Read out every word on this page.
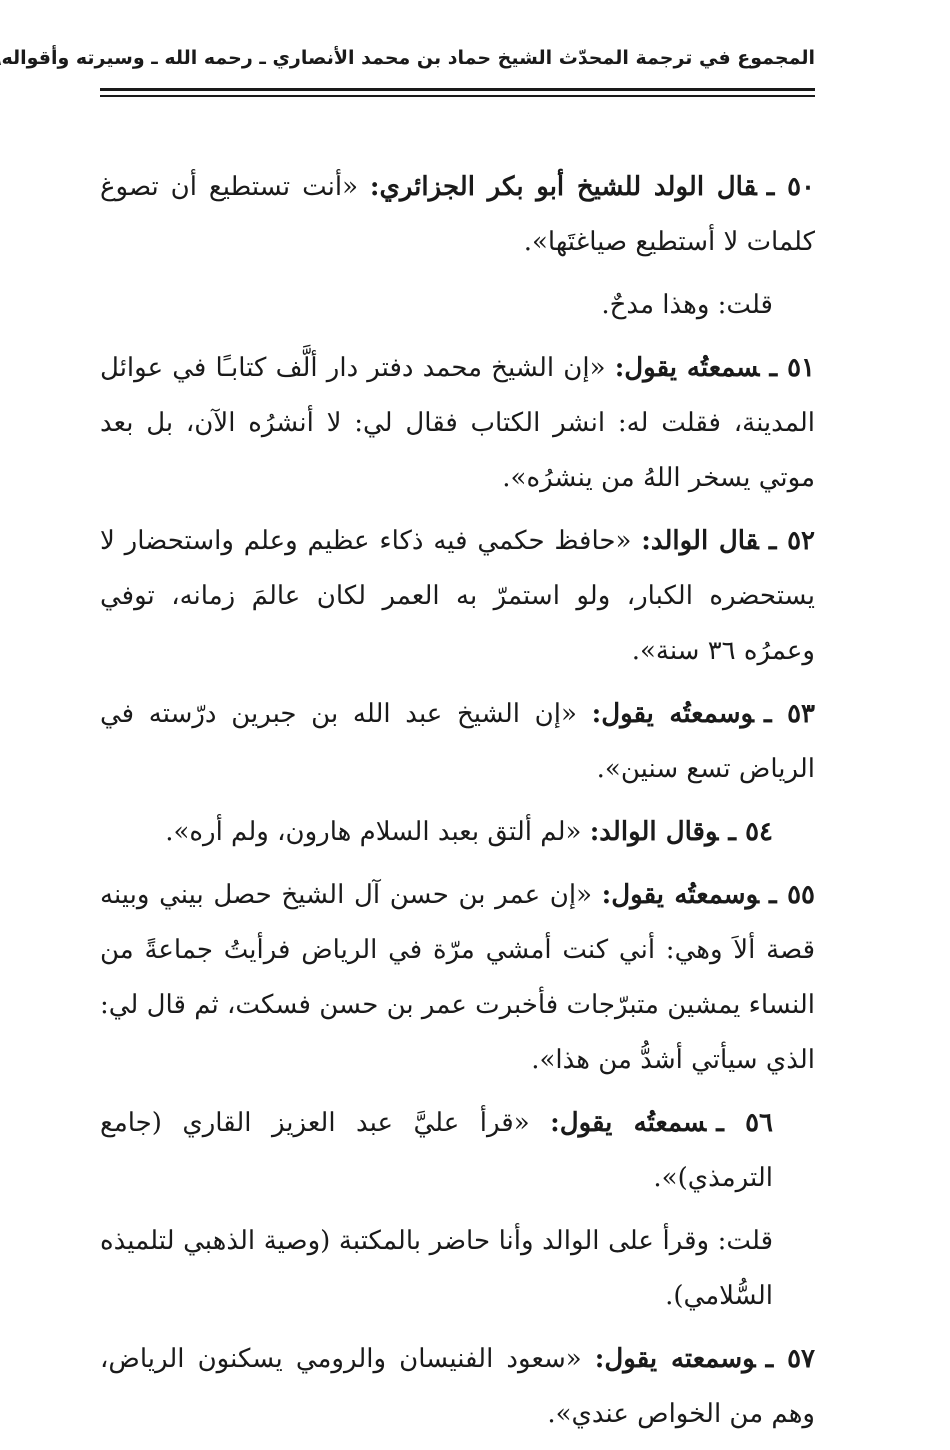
المجموع في ترجمة المحدّث الشيخ حماد بن محمد الأنصاري ـ رحمه الله ـ وسيرته وأقواله

٥٠ ـقال الولد للشيخ أبو بكر الجزائري: «أنت تستطيع أن تصوغ كلمات لا أستطيع صياغتَها».

قلت: وهذا مدحٌ.

٥١ ـسمعتُه يقول: «إن الشيخ محمد دفتر دار ألَّف كتابـًا في عوائل المدينة، فقلت له: انشر الكتاب فقال لي: لا أنشرُه الآن، بل بعد موتي يسخر اللهُ من ينشرُه».

٥٢ ـقال الوالد: «حافظ حكمي فيه ذكاء عظيم وعلم واستحضار لا يستحضره الكبار، ولو استمرّ به العمر لكان عالمَ زمانه، توفي وعمرُه ٣٦ سنة».

٥٣ ـوسمعتُه يقول: «إن الشيخ عبد الله بن جبرين درّسته في الرياض تسع سنين».

٥٤ ـوقال الوالد: «لم ألتق بعبد السلام هارون، ولم أره».

٥٥ ـوسمعتُه يقول: «إن عمر بن حسن آل الشيخ حصل بيني وبينه قصة ألاَ وهي: أني كنت أمشي مرّة في الرياض فرأيتُ جماعةً من النساء يمشين متبرّجات فأخبرت عمر بن حسن فسكت، ثم قال لي: الذي سيأتي أشدُّ من هذا».

٥٦ ـسمعتُه يقول: «قرأ عليَّ عبد العزيز القاري (جامع الترمذي)».

قلت: وقرأ على الوالد وأنا حاضر بالمكتبة (وصية الذهبي لتلميذه السُّلامي).

٥٧ ـوسمعته يقول: «سعود الفنيسان والرومي يسكنون الرياض، وهم من الخواص عندي».
